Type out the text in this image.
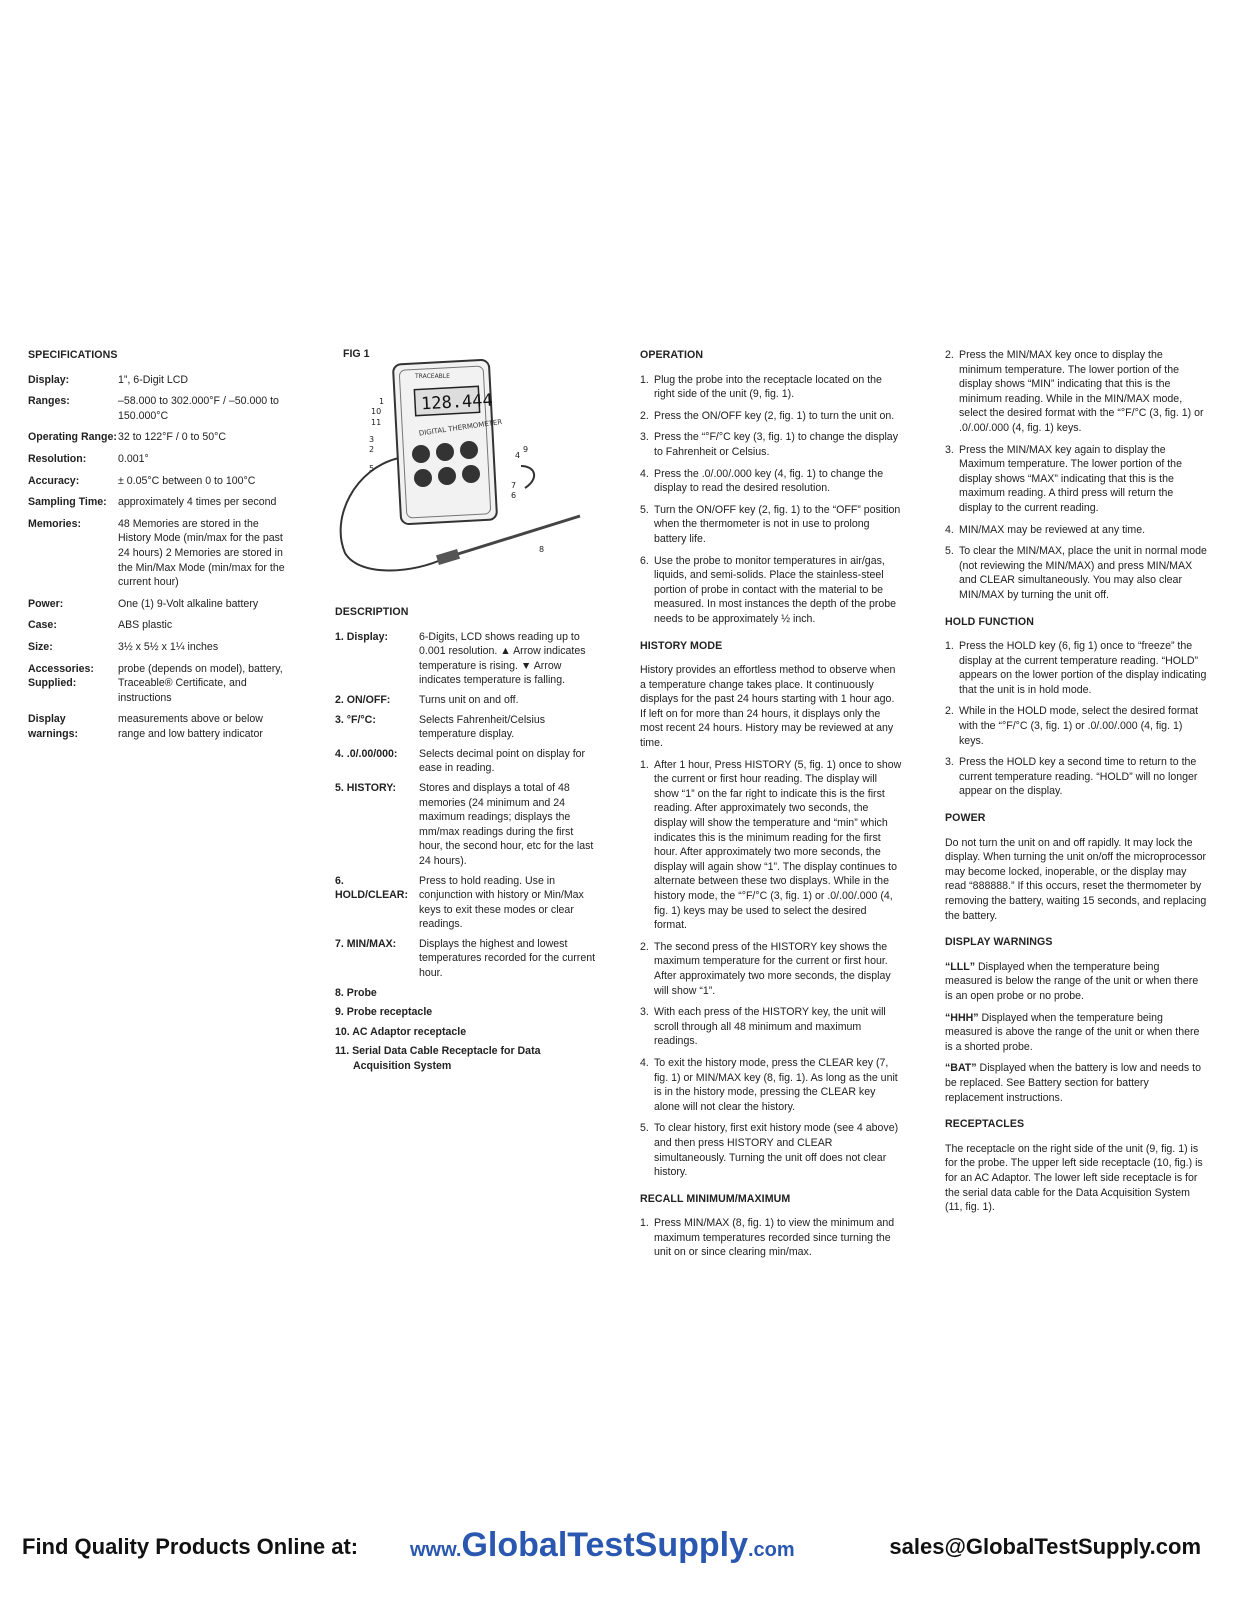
SPECIFICATIONS
Display:	1”, 6-Digit LCD
Ranges:	–58.000 to 302.000°F / –50.000 to 150.000°C
Operating Range: 32 to 122°F / 0 to 50°C
Resolution:	0.001°
Accuracy:	± 0.05°C between 0 to 100°C
Sampling Time:	approximately 4 times per second
Memories:	48 Memories are stored in the History Mode (min/max for the past 24 hours) 2 Memories are stored in the Min/Max Mode (min/max for the current hour)
Power:	One (1) 9-Volt alkaline battery
Case:	ABS plastic
Size:	3½ x 5½ x 1¼ inches
Accessories: Supplied:
probe (depends on model), battery, Traceable® Certificate, and instructions
Display warnings:
measurements above or below range and low battery indicator
FIG 1
TRACEABLE
128.444
DIGITAL THERMOMETER
1
10
11
3
2
5
4
9
7
6
8
DESCRIPTION
1. Display:	6-Digits, LCD shows reading up to 0.001 resolution. ▲ Arrow indicates temperature is rising. ▼ Arrow indicates temperature is falling.
2. ON/OFF:	Turns unit on and off.
3. °F/°C:	Selects Fahrenheit/Celsius temperature display.
4. .0/.00/000:	Selects decimal point on display for ease in reading.
5. HISTORY:	Stores and displays a total of 48 memories (24 minimum and 24 maximum readings; displays the mm/max readings during the first hour, the second hour, etc for the last 24 hours).
6. HOLD/CLEAR:
Press to hold reading. Use in conjunction with history or Min/Max keys to exit these modes or clear readings.
7. MIN/MAX:	Displays the highest and lowest temperatures recorded for the current hour.
8. Probe
9. Probe receptacle
10. AC Adaptor receptacle
11. Serial Data Cable Receptacle for Data Acquisition System
OPERATION
1. Plug the probe into the receptacle located on the right side of the unit (9, fig. 1).
2. Press the ON/OFF key (2, fig. 1) to turn the unit on.
3. Press the “°F/°C key (3, fig. 1) to change the display to Fahrenheit or Celsius.
4. Press the .0/.00/.000 key (4, fig. 1) to change the display to read the desired resolution.
5. Turn the ON/OFF key (2, fig. 1) to the “OFF” position when the thermometer is not in use to prolong battery life.
6. Use the probe to monitor temperatures in air/gas, liquids, and semi-solids. Place the stainless-steel portion of probe in contact with the material to be measured. In most instances the depth of the probe needs to be approximately ½ inch.
HISTORY MODE

History provides an effortless method to observe when a temperature change takes place. It continuously displays for the past 24 hours starting with 1 hour ago. If left on for more than 24 hours, it displays only the most recent 24 hours. History may be reviewed at any time.

1. After 1 hour, Press HISTORY (5, fig. 1) once to show the current or first hour reading. The display will show “1” on the far right to indicate this is the first reading. After approximately two seconds, the display will show the temperature and “min” which indicates this is the minimum reading for the first hour. After approximately two more seconds, the display will again show “1”. The display continues to alternate between these two displays. While in the history mode, the “°F/°C (3, fig. 1) or .0/.00/.000 (4, fig. 1) keys may be used to select the desired format.
2. The second press of the HISTORY key shows the maximum temperature for the current or first hour. After approximately two more seconds, the display will show “1”.
3. With each press of the HISTORY key, the unit will scroll through all 48 minimum and maximum readings.
4. To exit the history mode, press the CLEAR key (7, fig. 1) or MIN/MAX key (8, fig. 1). As long as the unit is in the history mode, pressing the CLEAR key alone will not clear the history.
5. To clear history, first exit history mode (see 4 above) and then press HISTORY and CLEAR simultaneously. Turning the unit off does not clear history.
RECALL MINIMUM/MAXIMUM
1. Press MIN/MAX (8, fig. 1) to view the minimum and maximum temperatures recorded since turning the unit on or since clearing min/max.
2. Press the MIN/MAX key once to display the minimum temperature. The lower portion of the display shows “MIN” indicating that this is the minimum reading. While in the MIN/MAX mode, select the desired format with the “°F/°C (3, fig. 1) or .0/.00/.000 (4, fig. 1) keys.
3. Press the MIN/MAX key again to display the Maximum temperature. The lower portion of the display shows “MAX” indicating that this is the maximum reading. A third press will return the display to the current reading.
4. MIN/MAX may be reviewed at any time.
5. To clear the MIN/MAX, place the unit in normal mode (not reviewing the MIN/MAX) and press MIN/MAX and CLEAR simultaneously. You may also clear MIN/MAX by turning the unit off.
HOLD FUNCTION
1. Press the HOLD key (6, fig 1) once to “freeze” the display at the current temperature reading. “HOLD” appears on the lower portion of the display indicating that the unit is in hold mode.
2. While in the HOLD mode, select the desired format with the “°F/°C (3, fig. 1) or .0/.00/.000 (4, fig. 1) keys.
3. Press the HOLD key a second time to return to the current temperature reading. “HOLD” will no longer appear on the display.
POWER

Do not turn the unit on and off rapidly. It may lock the display. When turning the unit on/off the microprocessor may become locked, inoperable, or the display may read “888888.” If this occurs, reset the thermometer by removing the battery, waiting 15 seconds, and replacing the battery.

DISPLAY WARNINGS

“LLL” Displayed when the temperature being measured is below the range of the unit or when there is an open probe or no probe.

“HHH” Displayed when the temperature being measured is above the range of the unit or when there is a shorted probe.

“BAT” Displayed when the battery is low and needs to be replaced. See Battery section for battery replacement instructions.

RECEPTACLES

The receptacle on the right side of the unit (9, fig. 1) is for the probe. The upper left side receptacle (10, fig.) is for an AC Adaptor. The lower left side receptacle is for the serial data cable for the Data Acquisition System (11, fig. 1).

Find Quality Products Online at:	www.GlobalTestSupply.com	sales@GlobalTestSupply.com
